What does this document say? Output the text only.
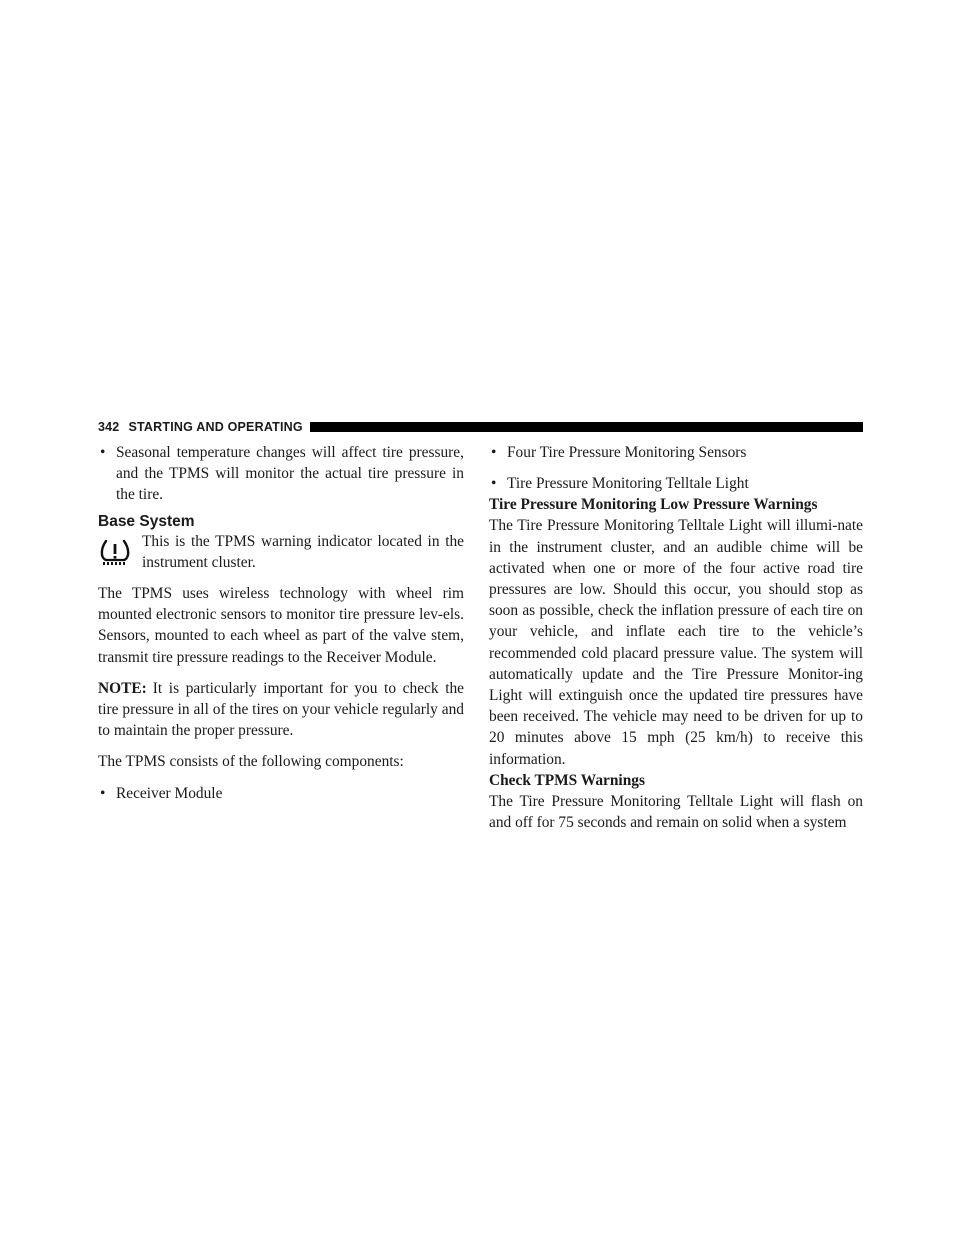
342 STARTING AND OPERATING
• Seasonal temperature changes will affect tire pressure, and the TPMS will monitor the actual tire pressure in the tire.
Base System

This is the TPMS warning indicator located in the instrument cluster.

The TPMS uses wireless technology with wheel rim mounted electronic sensors to monitor tire pressure lev-els. Sensors, mounted to each wheel as part of the valve stem, transmit tire pressure readings to the Receiver Module.

NOTE: It is particularly important for you to check the tire pressure in all of the tires on your vehicle regularly and to maintain the proper pressure.

The TPMS consists of the following components:

• Receiver Module
• Four Tire Pressure Monitoring Sensors
• Tire Pressure Monitoring Telltale Light
Tire Pressure Monitoring Low Pressure Warnings

The Tire Pressure Monitoring Telltale Light will illumi-nate in the instrument cluster, and an audible chime will be activated when one or more of the four active road tire pressures are low. Should this occur, you should stop as soon as possible, check the inflation pressure of each tire on your vehicle, and inflate each tire to the vehicle’s recommended cold placard pressure value. The system will automatically update and the Tire Pressure Monitor-ing Light will extinguish once the updated tire pressures have been received. The vehicle may need to be driven for up to 20 minutes above 15 mph (25 km/h) to receive this information.

Check TPMS Warnings

The Tire Pressure Monitoring Telltale Light will flash on and off for 75 seconds and remain on solid when a system
